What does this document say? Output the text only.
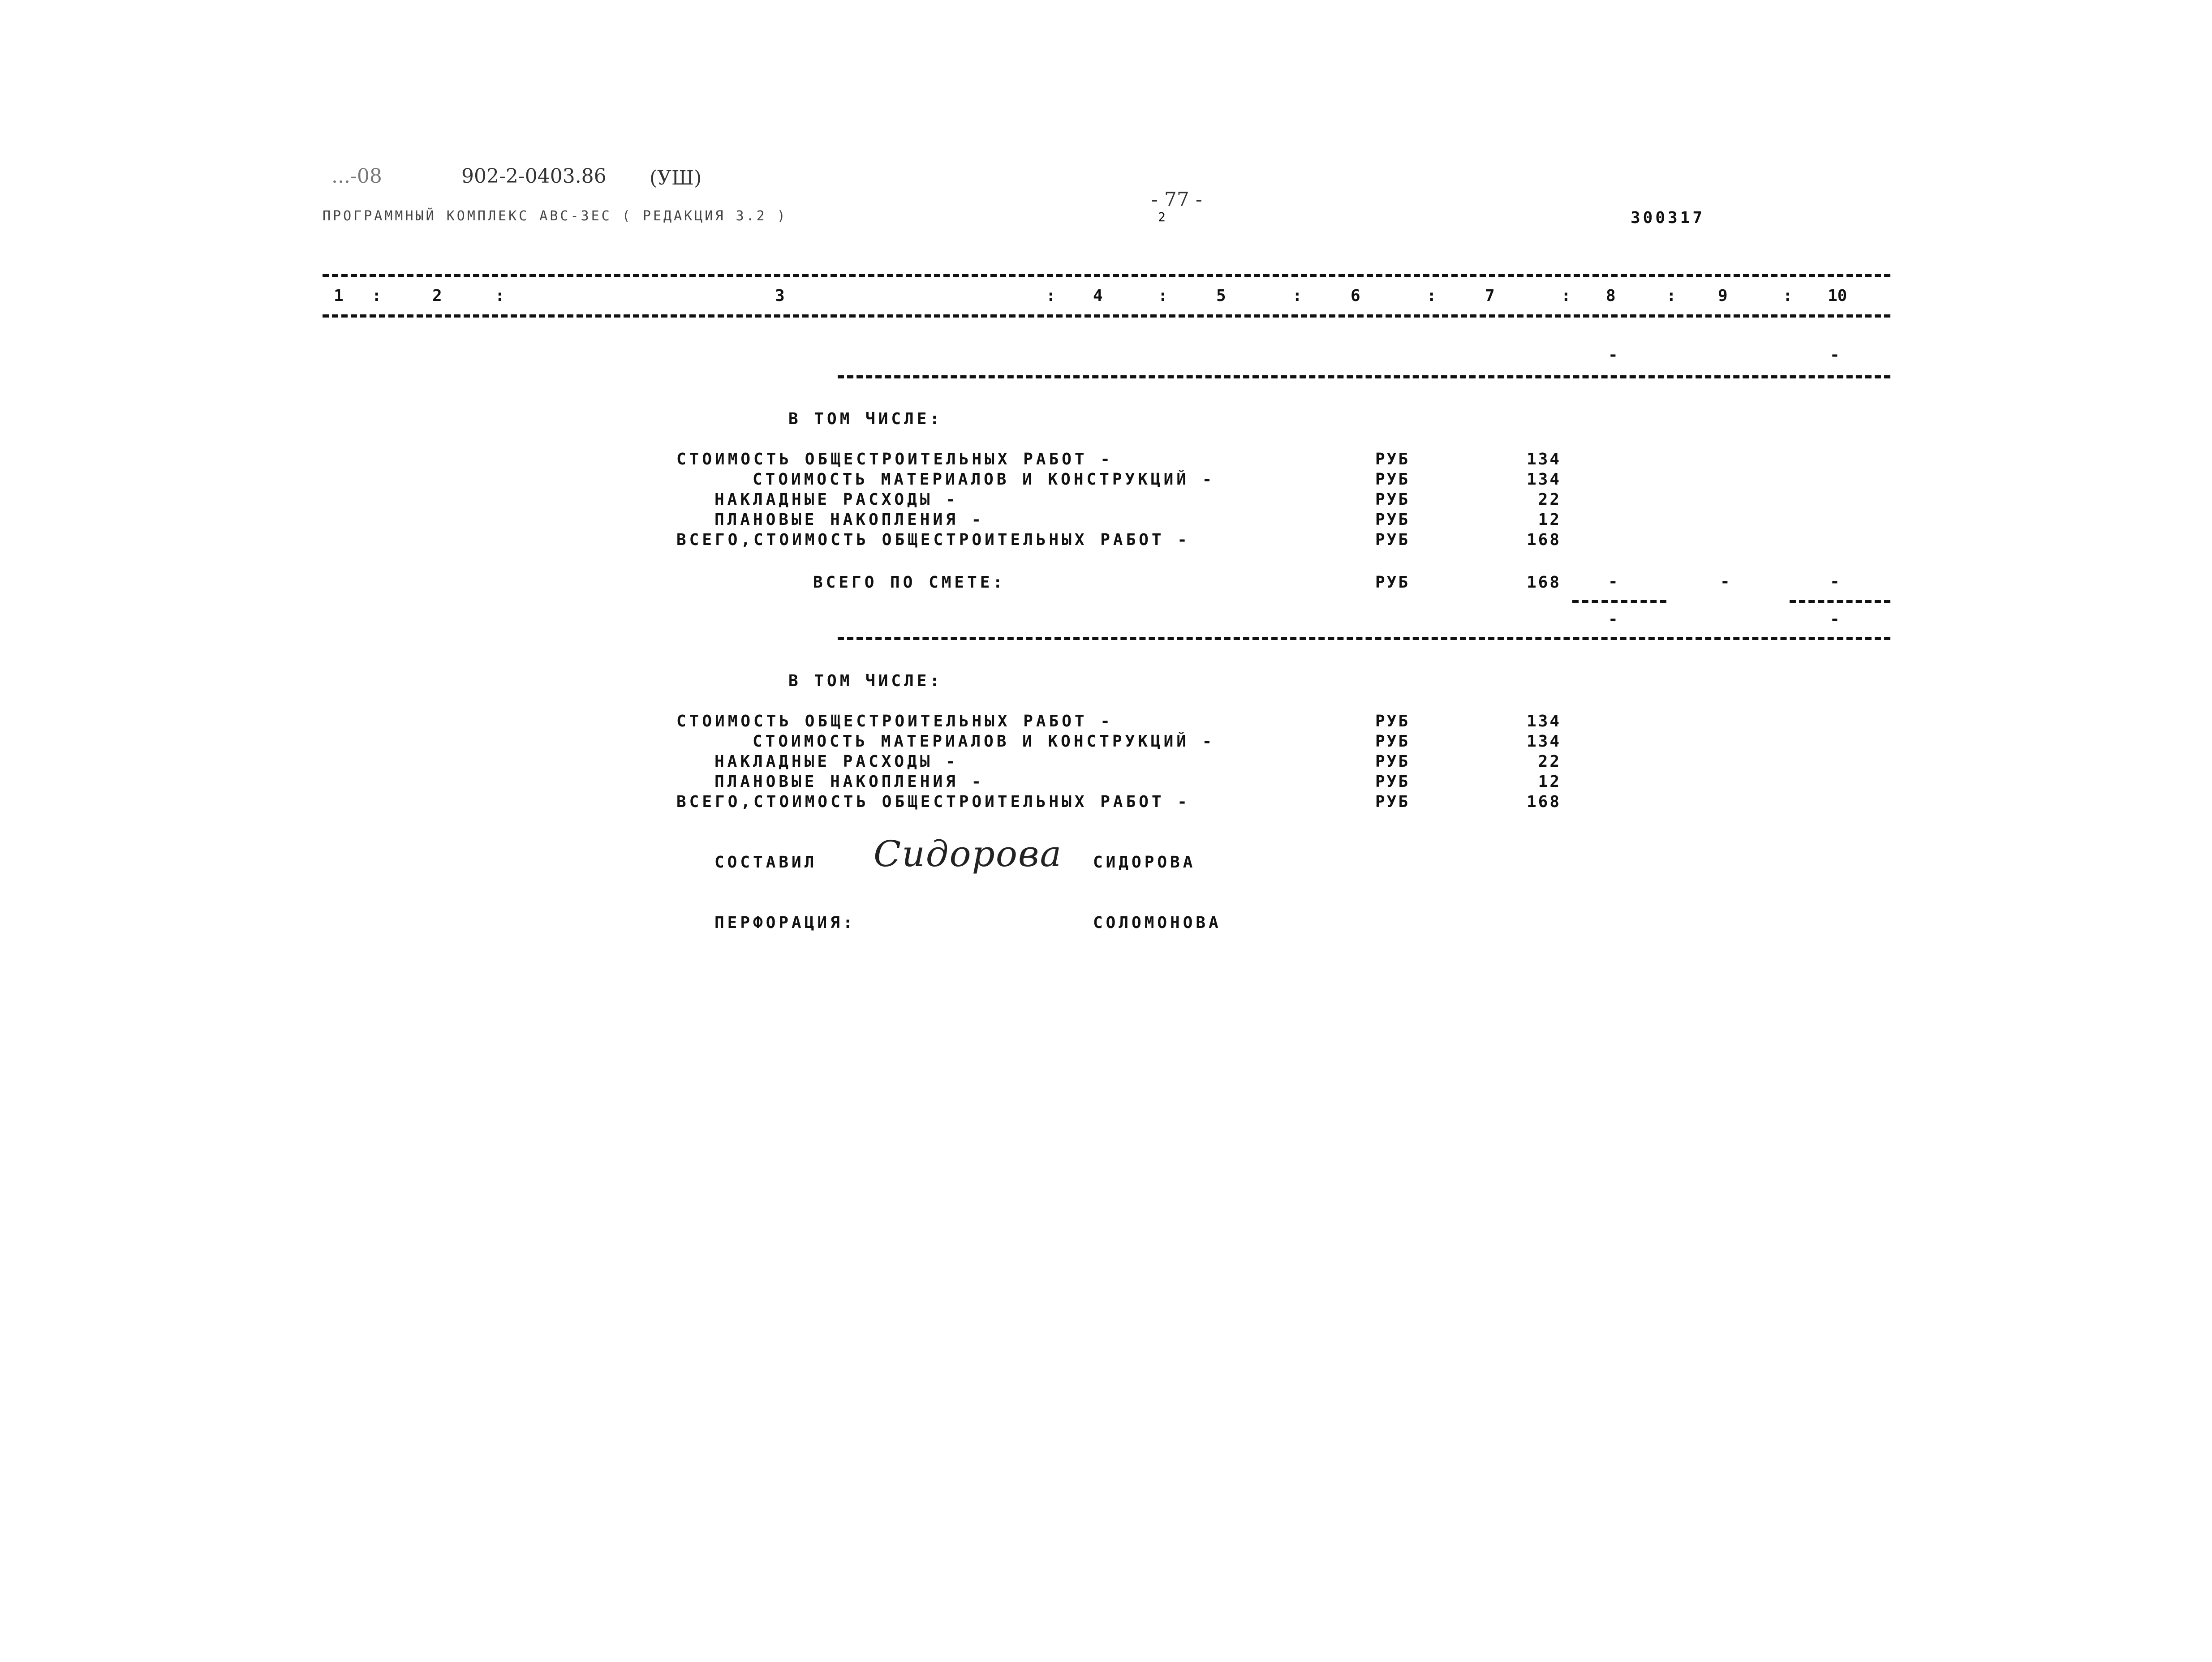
...-08	902-2-0403.86 (УШ)
ПРОГРАММНЫЙ КОМПЛЕКС АВС-ЗЕС ( РЕДАКЦИЯ 3.2 )
- 77 -
2	300317
1 :	2	:	3	: 4	:	5	:	6	:	7	: 8	:	9	: 10
-	-
В ТОМ ЧИСЛЕ:
СТОИМОСТЬ ОБЩЕСТРОИТЕЛЬНЫХ РАБОТ -	РУБ	134
СТОИМОСТЬ МАТЕРИАЛОВ И КОНСТРУКЦИЙ -	РУБ	134
НАКЛАДНЫЕ РАСХОДЫ -	РУБ	22
ПЛАНОВЫЕ НАКОПЛЕНИЯ -	РУБ	12
ВСЕГО,СТОИМОСТЬ ОБЩЕСТРОИТЕЛЬНЫХ РАБОТ -	РУБ	168
ВСЕГО ПО СМЕТЕ:	РУБ	168	-	-	-
-	-
В ТОМ ЧИСЛЕ:
СТОИМОСТЬ ОБЩЕСТРОИТЕЛЬНЫХ РАБОТ -	РУБ	134
СТОИМОСТЬ МАТЕРИАЛОВ И КОНСТРУКЦИЙ -	РУБ	134
НАКЛАДНЫЕ РАСХОДЫ -	РУБ	22
ПЛАНОВЫЕ НАКОПЛЕНИЯ -	РУБ	12
ВСЕГО,СТОИМОСТЬ ОБЩЕСТРОИТЕЛЬНЫХ РАБОТ -	РУБ	168
СОСТАВИЛ Сидорова СИДОРОВА
ПЕРФОРАЦИЯ:	СОЛОМОНОВА
